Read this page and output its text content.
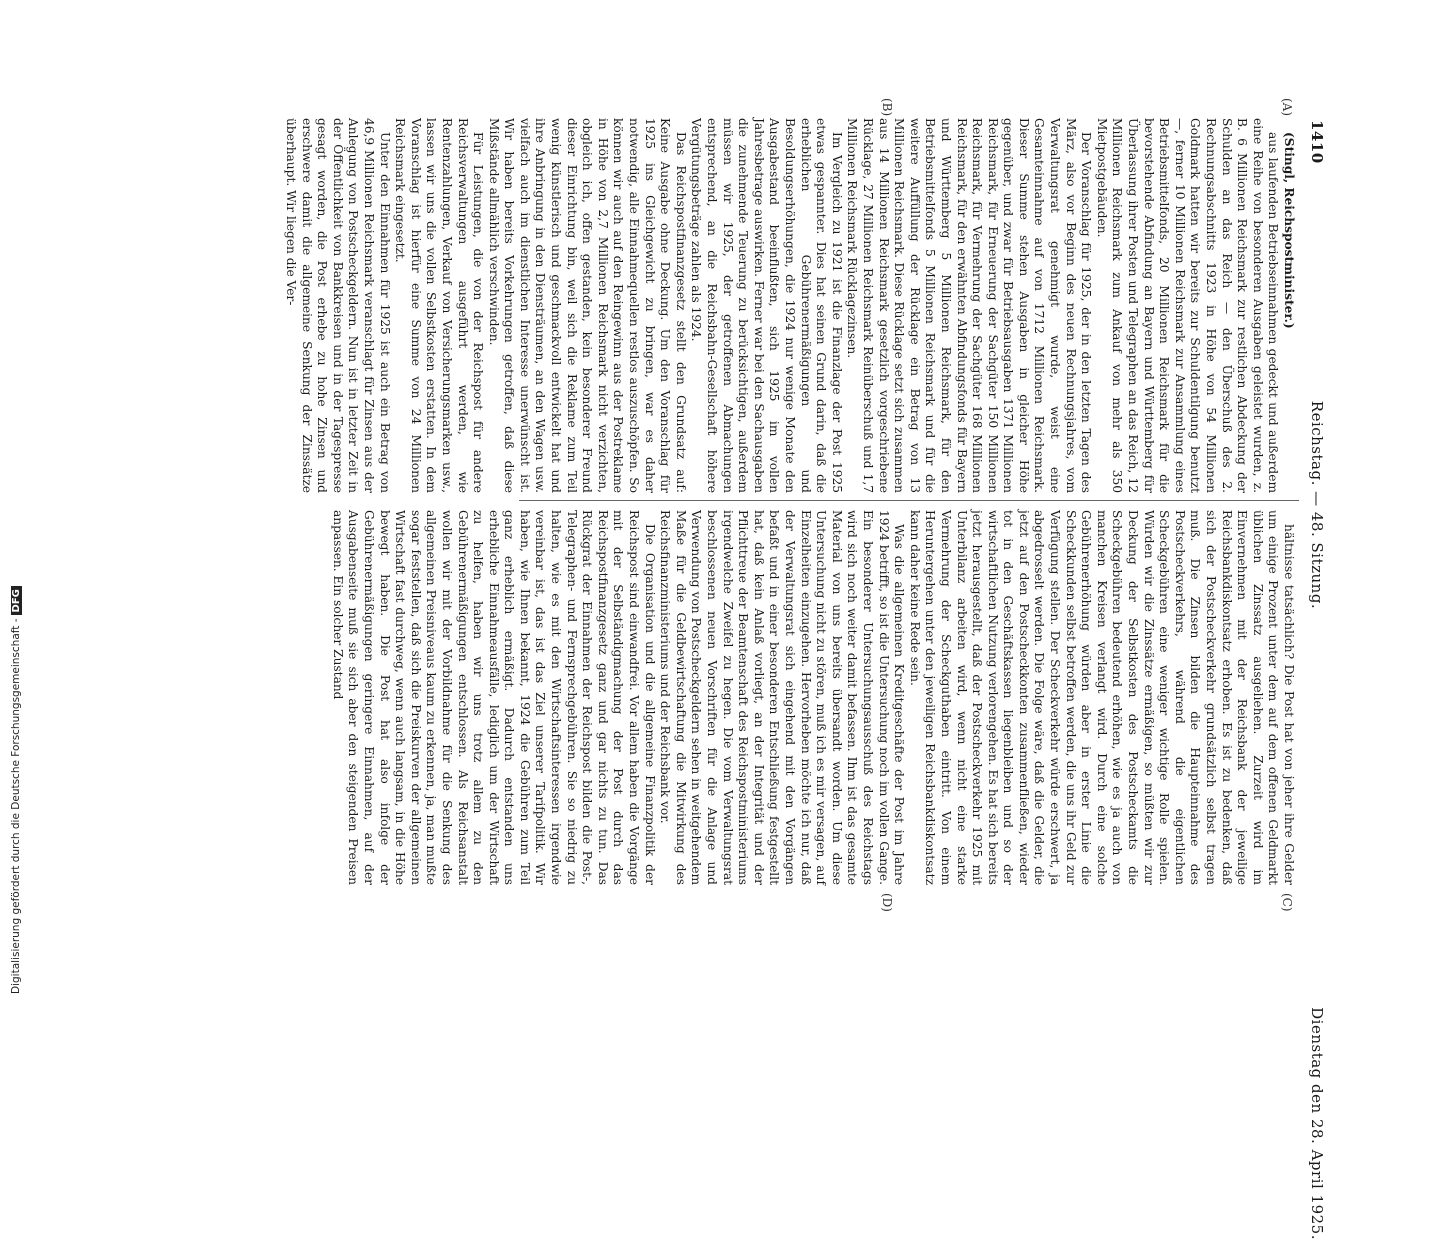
1410
Reichstag. — 48. Sitzung.
Dienstag den 28. April 1925.
(A)
(B)
(C)
(D)

(Stingl, Reichspostminister.)

aus laufenden Betriebseinnahmen gedeckt und außerdem eine Reihe von besonderen Ausgaben geleistet wurden, z. B. 6 Millionen Reichsmark zur restlichen Abdeckung der Schulden an das Reich — den Überschuß des 2. Rechnungsabschnitts 1923 in Höhe von 54 Millionen Goldmark hatten wir bereits zur Schuldentilgung benutzt —, ferner 10 Millionen Reichsmark zur Ansammlung eines Betriebsmittelfonds, 20 Millionen Reichsmark für die bevorstehende Abfindung an Bayern und Württemberg für Überlassung ihrer Posten und Telegraphen an das Reich, 12 Millionen Reichsmark zum Ankauf von mehr als 350 Mietpostgebäuden.

Der Voranschlag für 1925, der in den letzten Tagen des März, also vor Beginn des neuen Rechnungsjahres, vom Verwaltungsrat genehmigt wurde, weist eine Gesamteinnahme auf von 1712 Millionen Reichsmark. Dieser Summe stehen Ausgaben in gleicher Höhe gegenüber, und zwar für Betriebsausgaben 1371 Millionen Reichsmark, für Erneuerung der Sachgüter 150 Millionen Reichsmark, für Vermehrung der Sachgüter 168 Millionen Reichsmark, für den erwähnten Abfindungsfonds für Bayern und Württemberg 5 Millionen Reichsmark, für den Betriebsmittelfonds 5 Millionen Reichsmark und für die weitere Auffüllung der Rücklage ein Betrag von 13 Millionen Reichsmark. Diese Rücklage setzt sich zusammen aus 14 Millionen Reichsmark gesetzlich vorgeschriebene Rücklage, 27 Millionen Reichsmark Reinüberschuß und 1,7 Millionen Reichsmark Rücklagezinsen.

Im Vergleich zu 1921 ist die Finanzlage der Post 1925 etwas gespannter. Dies hat seinen Grund darin, daß die erheblichen Gebührenermäßigungen und Besoldungserhöhungen, die 1924 nur wenige Monate den Ausgabestand beeinflußten, sich 1925 im vollen Jahresbetrage auswirken. Ferner war bei den Sachausgaben die zunehmende Teuerung zu berücksichtigen, außerdem müssen wir 1925, der getroffenen Abmachungen entsprechend, an die Reichsbahn-Gesellschaft höhere Vergütungsbeträge zahlen als 1924.

Das Reichspostfinanzgesetz stellt den Grundsatz auf: Keine Ausgabe ohne Deckung. Um den Voranschlag für 1925 ins Gleichgewicht zu bringen, war es daher notwendig, alle Einnahmequellen restlos auszuschöpfen. So können wir auch auf den Reingewinn aus der Postreklame in Höhe von 2,7 Millionen Reichsmark nicht verzichten, obgleich ich, offen gestanden, kein besonderer Freund dieser Einrichtung bin, weil sich die Reklame zum Teil wenig künstlerisch und geschmackvoll entwickelt hat und ihre Anbringung in den Diensträumen, an den Wagen usw. vielfach auch im dienstlichen Interesse unerwünscht ist. Wir haben bereits Vorkehrungen getroffen, daß diese Mißstände allmählich verschwinden.

Für Leistungen, die von der Reichspost für andere Reichsverwaltungen ausgeführt werden, wie Rentenzahlungen, Verkauf von Versicherungsmarken usw., lassen wir uns die vollen Selbstkosten erstatten. In dem Voranschlag ist hierfür eine Summe von 24 Millionen Reichsmark eingesetzt.

Unter den Einnahmen für 1925 ist auch ein Betrag von 46,9 Millionen Reichsmark veranschlagt für Zinsen aus der Anlegung von Postscheckgeldern. Nun ist in letzter Zeit in der Öffentlichkeit von Bankkreisen und in der Tagespresse gesagt worden, die Post erhebe zu hohe Zinsen und erschwere damit die allgemeine Senkung der Zinssätze überhaupt. Wir liegen die Ver-

hältnisse tatsächlich? Die Post hat von jeher ihre Gelder um einige Prozent unter dem auf dem offenen Geldmarkt üblichen Zinssatz ausgeliehen. Zurzeit wird im Einvernehmen mit der Reichsbank der jeweilige Reichsbankdiskontsatz erhoben. Es ist zu bedenken, daß sich der Postscheckverkehr grundsätzlich selbst tragen muß. Die Zinsen bilden die Haupteinnahme des Postscheckverkehrs, während die eigentlichen Scheckgebühren eine weniger wichtige Rolle spielen. Würden wir die Zinssätze ermäßigen, so müßten wir zur Deckung der Selbstkosten des Postscheckamts die Scheckgebühren bedeutend erhöhen, wie es ja auch von manchen Kreisen verlangt wird. Durch eine solche Gebührenerhöhung würden aber in erster Linie die Scheckkunden selbst betroffen werden, die uns ihr Geld zur Verfügung stellen. Der Scheckverkehr würde erschwert, ja abgedrosselt werden. Die Folge wäre, daß die Gelder, die jetzt auf den Postscheckkonten zusammenfließen, wieder tot in den Geschäftskassen liegenbleiben und so der wirtschaftlichen Nutzung verlorengehen. Es hat sich bereits jetzt herausgestellt, daß der Postscheckverkehr 1925 mit Unterbilanz arbeiten wird, wenn nicht eine starke Vermehrung der Scheckguthaben eintritt. Von einem Heruntergehen unter den jeweiligen Reichsbankdiskontsatz kann daher keine Rede sein.

Was die allgemeinen Kreditgeschäfte der Post im Jahre 1924 betrifft, so ist die Untersuchung noch im vollen Gange. Ein besonderer Untersuchungsausschuß des Reichstags wird sich noch weiter damit befassen. Ihm ist das gesamte Material von uns bereits übersandt worden. Um diese Untersuchung nicht zu stören, muß ich es mir versagen, auf Einzelheiten einzugehen. Hervorheben möchte ich nur, daß der Verwaltungsrat sich eingehend mit den Vorgängen befaßt und in einer besonderen Entschließung festgestellt hat, daß kein Anlaß vorliegt, an der Integrität und der Pflichttreue der Beamtenschaft des Reichspostministeriums irgendwelche Zweifel zu hegen. Die vom Verwaltungsrat beschlossenen neuen Vorschriften für die Anlage und Verwendung von Postscheckgeldern sehen in weitgehendem Maße für die Geldbewirtschaftung die Mitwirkung des Reichsfinanzministeriums und der Reichsbank vor.

Die Organisation und die allgemeine Finanzpolitik der Reichspost sind einwandfrei. Vor allem haben die Vorgänge mit der Selbständigmachung der Post durch das Reichspostfinanzgesetz ganz und gar nichts zu tun. Das Rückgrat der Einnahmen der Reichspost bilden die Post-, Telegraphen- und Fernsprechgebühren. Sie so niedrig zu halten, wie es mit den Wirtschaftsinteressen irgendwie vereinbar ist, das ist das Ziel unserer Tarifpolitik. Wir haben, wie Ihnen bekannt, 1924 die Gebühren zum Teil ganz erheblich ermäßigt. Dadurch entstanden uns erhebliche Einnahmeausfälle, lediglich um der Wirtschaft zu helfen, haben wir uns trotz allem zu den Gebührenermäßigungen entschlossen. Als Reichsanstalt wollen wir mit der Vorbildnahme für die Senkung des allgemeinen Preisniveaus kaum zu erkennen, ja, man mußte sogar feststellen, daß sich die Preiskurven der allgemeinen Wirtschaft fast durchweg, wenn auch langsam, in die Höhe bewegt haben. Die Post hat also infolge der Gebührenermäßigungen geringere Einnahmen, auf der Ausgabenseite muß sie sich aber den steigenden Preisen anpassen. Ein solcher Zustand

Digitalisierung gefördert durch die Deutsche Forschungsgemeinschaft -DFG
